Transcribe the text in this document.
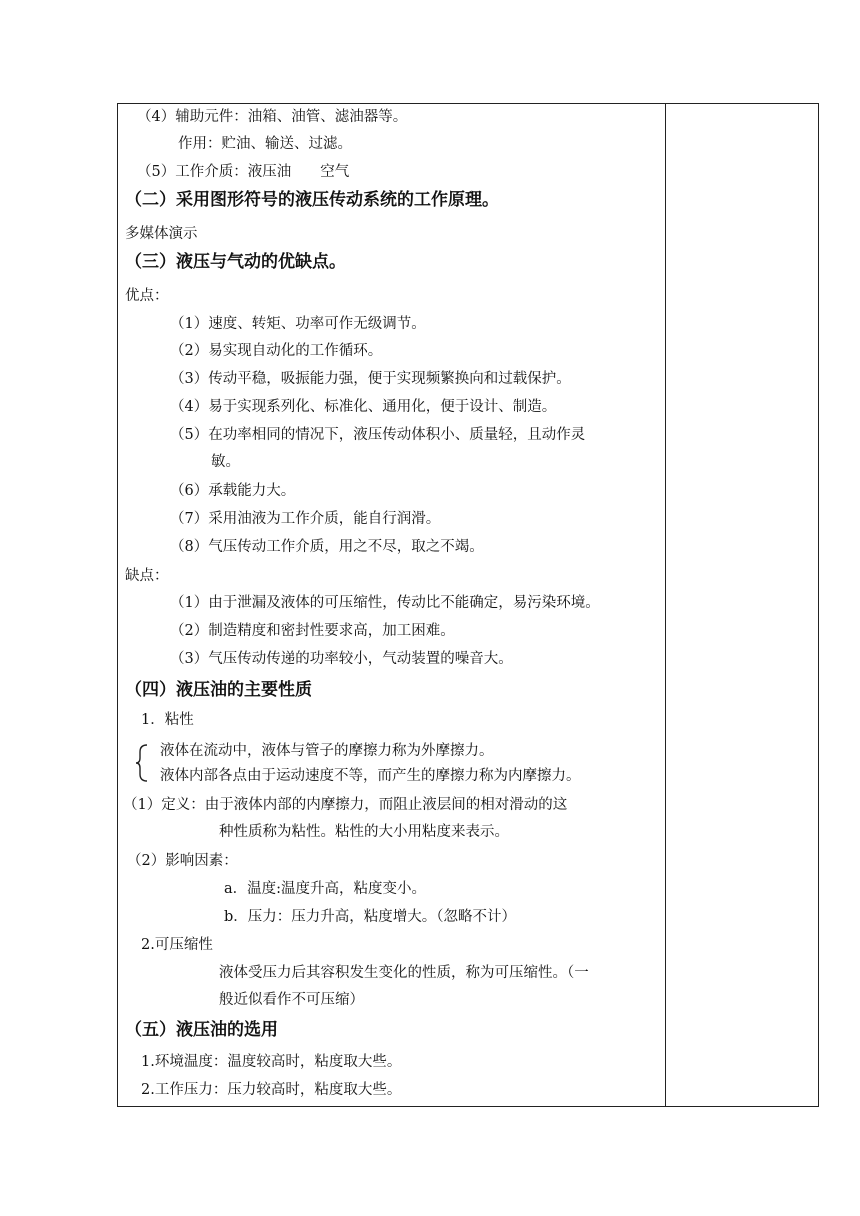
（4）辅助元件：油箱、油管、滤油器等。
作用：贮油、输送、过滤。
（5）工作介质：液压油　　空气
（二）采用图形符号的液压传动系统的工作原理。
多媒体演示
（三）液压与气动的优缺点。
优点：
（1）速度、转矩、功率可作无级调节。
（2）易实现自动化的工作循环。
（3）传动平稳，吸振能力强，便于实现频繁换向和过载保护。
（4）易于实现系列化、标准化、通用化，便于设计、制造。
（5）在功率相同的情况下，液压传动体积小、质量轻，且动作灵
敏。
（6）承载能力大。
（7）采用油液为工作介质，能自行润滑。
（8）气压传动工作介质，用之不尽，取之不竭。
缺点：
（1）由于泄漏及液体的可压缩性，传动比不能确定，易污染环境。
（2）制造精度和密封性要求高，加工困难。
（3）气压传动传递的功率较小，气动装置的噪音大。
（四）液压油的主要性质
1．粘性
液体在流动中，液体与管子的摩擦力称为外摩擦力。
液体内部各点由于运动速度不等，而产生的摩擦力称为内摩擦力。
（1）定义：由于液体内部的内摩擦力，而阻止液层间的相对滑动的这
种性质称为粘性。粘性的大小用粘度来表示。
（2）影响因素：
a．温度:温度升高，粘度变小。
b．压力：压力升高，粘度增大。（忽略不计）
2.可压缩性
液体受压力后其容积发生变化的性质，称为可压缩性。（一
般近似看作不可压缩）
（五）液压油的选用
1.环境温度：温度较高时，粘度取大些。
2.工作压力：压力较高时，粘度取大些。
